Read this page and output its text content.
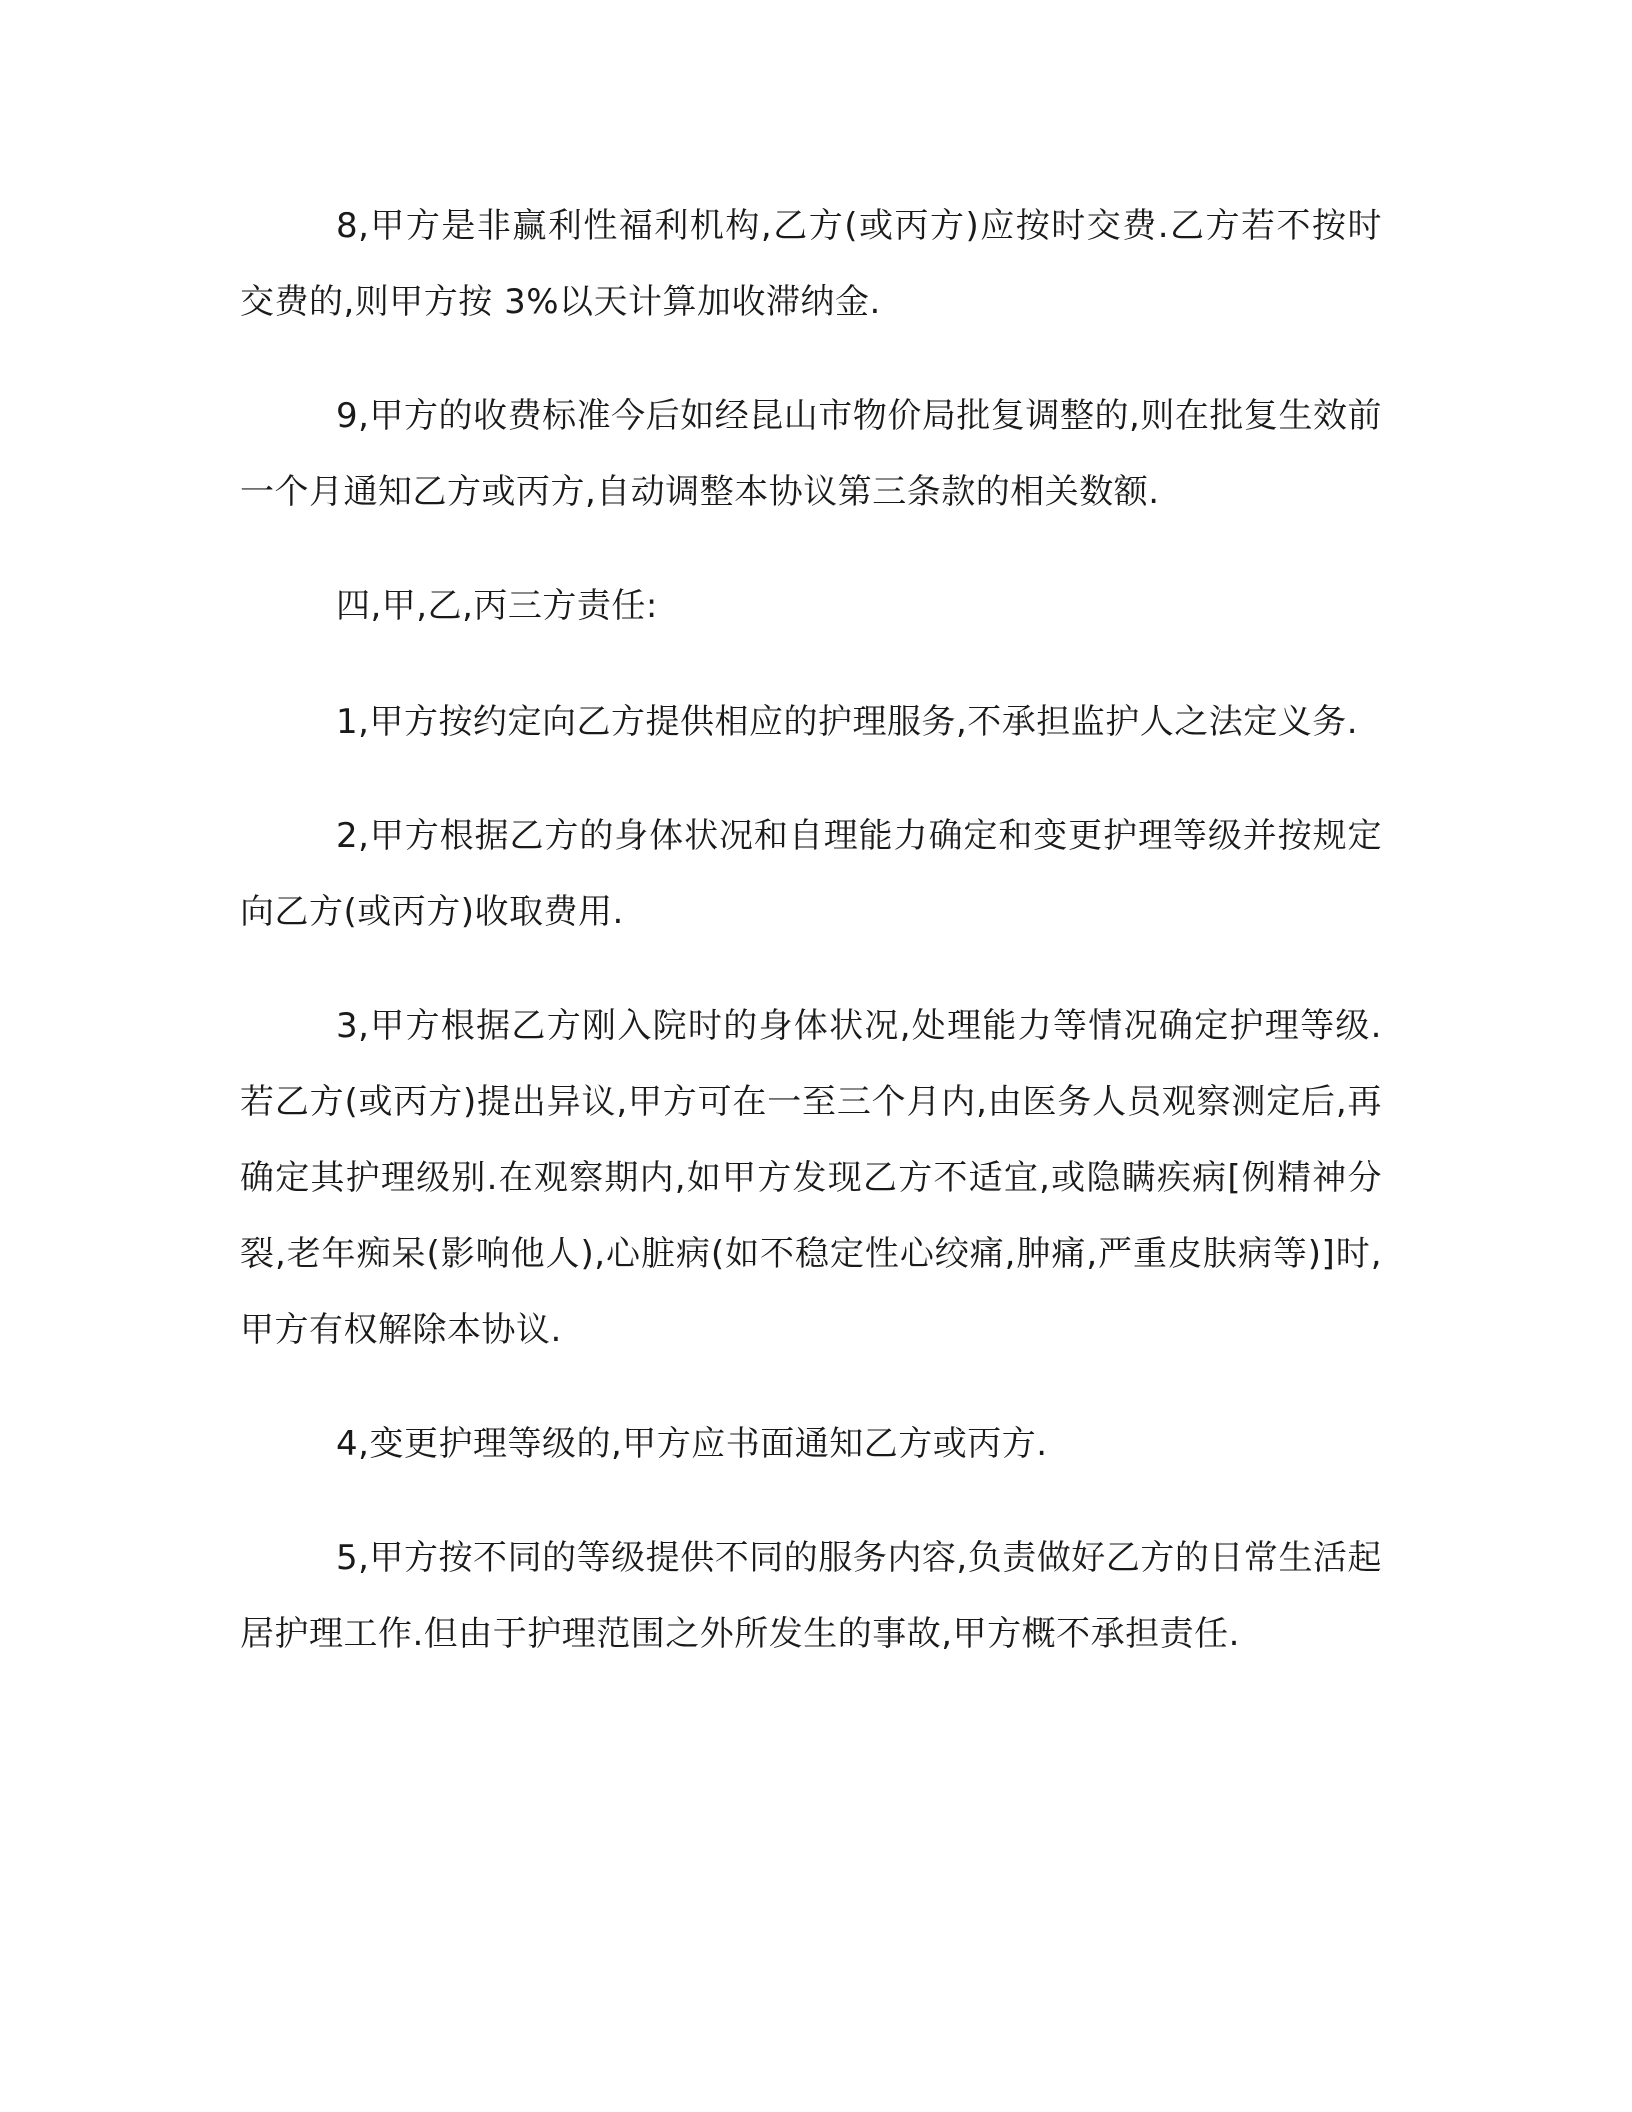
8,甲方是非赢利性福利机构,乙方(或丙方)应按时交费.乙方若不按时交费的,则甲方按 3%以天计算加收滞纳金.

9,甲方的收费标准今后如经昆山市物价局批复调整的,则在批复生效前一个月通知乙方或丙方,自动调整本协议第三条款的相关数额.

四,甲,乙,丙三方责任:

1,甲方按约定向乙方提供相应的护理服务,不承担监护人之法定义务.

2,甲方根据乙方的身体状况和自理能力确定和变更护理等级并按规定向乙方(或丙方)收取费用.

3,甲方根据乙方刚入院时的身体状况,处理能力等情况确定护理等级.若乙方(或丙方)提出异议,甲方可在一至三个月内,由医务人员观察测定后,再确定其护理级别.在观察期内,如甲方发现乙方不适宜,或隐瞒疾病[例精神分裂,老年痴呆(影响他人),心脏病(如不稳定性心绞痛,肿痛,严重皮肤病等)]时,甲方有权解除本协议.

4,变更护理等级的,甲方应书面通知乙方或丙方.

5,甲方按不同的等级提供不同的服务内容,负责做好乙方的日常生活起居护理工作.但由于护理范围之外所发生的事故,甲方概不承担责任.
